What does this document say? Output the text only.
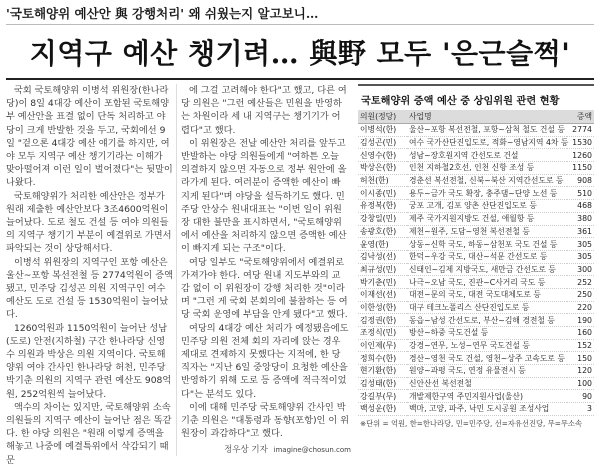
'국토해양위 예산안 與 강행처리' 왜 쉬웠는지 알고보니…
지역구 예산 챙기려… 與野 모두 '은근슬쩍'

국회 국토해양위 이병석 위원장(한나라당)이 8일 4대강 예산이 포함된 국토해양부 예산안을 표결 없이 단독 처리하고 야당이 크게 반발한 것을 두고, 국회에선 9일 "겉으론 4대강 예산 얘기를 하지만, 여야 모두 지역구 예산 챙기기라는 이해가 맞아떨어져 이런 일이 벌어졌다"는 뒷말이 나왔다.

국토해양위가 처리한 예산안은 정부가 원래 제출한 예산안보다 3조4600억원이 늘어났다. 도로 철도 건설 등 여야 의원들의 지역구 챙기기 부분이 예결위로 가면서 파악되는 것이 상당해서다.

이병석 위원장의 지역구인 포항 예산은 울산~포항 복선전철 등 2774억원이 증액됐고, 민주당 김성곤 의원 지역구인 여수 예산도 도로 건설 등 1530억원이 늘어났다.

1260억원과 1150억원이 늘어난 성남(도로) 안전(지하철) 구간 한나라당 신영수 의원과 박상은 의원 지역이다. 국토해양위 여야 간사인 한나라당 허천, 민주당 박기춘 의원의 지역구 관련 예산도 908억원, 252억원씩 늘어났다.

액수의 차이는 있지만, 국토해양위 소속 의원들의 지역구 예산이 늘어난 점은 똑같다. 한 야당 의원은 "원래 이렇게 증액을 해놓고 나중에 예결특위에서 삭감되기 때문

에 그걸 고려해야 한다"고 했고, 다른 여당 의원은 "그런 예산들은 민원을 반영하는 차원이라 세 내 지역구는 챙기기가 어렵다"고 했다.

이 위원장은 전날 예산안 처리를 앞두고 반발하는 야당 의원들에게 "여하튼 오늘 의결하지 않으면 자동으로 정부 원안에 올라가게 된다. 여러분이 증액한 예산이 빠지게 된다"며 야당을 설득하기도 했다. 민주당 안상수 원내대표는 "이번 일이 위원장 대한 불만을 표시하면서, "국토해양위에서 예산을 처리하지 않으면 증액한 예산이 빠지게 되는 구조"이다.

여당 일부도 "국토해양위에서 예결위로 가져가야 한다. 여당 원내 지도부와의 교감 없이 이 위원장이 강행 처리한 것"이라며 "그런 게 국회 본회의에 불참하는 등 여당 국회 운영에 부담을 안게 됐다"고 했다.

여당의 4대강 예산 처리가 예정됐음에도 민주당 의원 전체 회의 자리에 앉는 경우 제대로 견제하지 못했다는 지적에, 한 당직자는 "지난 6일 중앙당이 요청한 예산을 반영하기 위해 도로 등 증액에 적극적이었다"는 분석도 있다.

이에 대해 민주당 국토해양위 간사인 박기춘 의원은 "대통령과 동향(포항)인 이 위원장이 과감하다"고 했다.

정우상 기자 imagine@chosun.com
국토해양위 증액 예산 중 상임위원 관련 현황
의원(정당)	사업명	증액
이병석(한)	울산~포항 복선전철, 포항~삼척 철도 건설 등	2774
김성곤(민)	여수 국가산단진입도로, 적화~영남지역 4차 등	1530
신영수(한)	성남~장호원지역 간선도로 건설	1260
박상은(한)	인천 지하철2호선, 인천 신항 조성 등	1150
허천(한)	경춘선 복선전철, 신북~북산 지역간선도로 등	908
이시종(민)	용두~금가 국도 확장, 충주댐~단양 노선 등	510
유정복(한)	궁포 고개, 김포 양촌 산단진입도로 등	468
강창일(민)	제주 국가지원지방도 건설, 애월항 등	380
송광호(한)	제천~원주, 도담~영천 복선전철 등	361
윤영(한)	상동~신학 국도, 하동~삼천포 국도 건설 등	305
김낙성(선)	한덕~우강 국도, 대산~석문 간선도로 등	305
최규성(민)	신태인~김제 지방국도, 새만금 간선도로 등	300
박기춘(민)	나극~오남 국도, 진관~C사거리 국도 등	252
이재선(선)	대전~문의 국도, 대전 국도대체도로 등	250
이한성(한)	대구 테크노폴리스 산단진입도로 등	220
김정권(한)	동읍~남성 간선도로, 부산~김해 경전철 등	190
조정식(민)	방산~하중 국도건설 등	160
이인제(무)	강경~연무, 노성~연무 국도건설 등	152
정희수(한)	경산~영천 국도 건설, 영천~상주 고속도로 등	150
현기환(한)	원양~과평 국도, 연정 유물전시 등	120
김성태(한)	신안산선 복선전철	100
강길부(무)	개발제한구역 주민지원사업(울산)	90
백성운(한)	백마, 고양, 파주, 낙민 도시공원 조성사업	3
※단위 = 억원, 한=한나라당, 민=민주당, 선=자유선진당, 무=무소속
